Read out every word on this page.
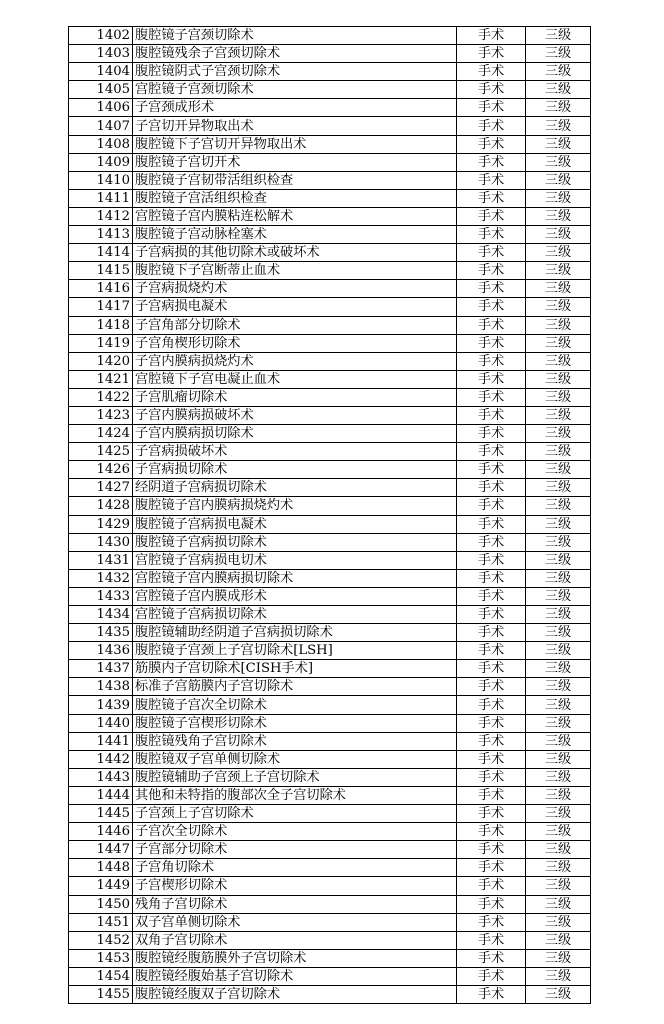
1402	腹腔镜子宫颈切除术	手术	三级
1403	腹腔镜残余子宫颈切除术	手术	三级
1404	腹腔镜阴式子宫颈切除术	手术	三级
1405	宫腔镜子宫颈切除术	手术	三级
1406	子宫颈成形术	手术	三级
1407	子宫切开异物取出术	手术	三级
1408	腹腔镜下子宫切开异物取出术	手术	三级
1409	腹腔镜子宫切开术	手术	三级
1410	腹腔镜子宫韧带活组织检查	手术	三级
1411	腹腔镜子宫活组织检查	手术	三级
1412	宫腔镜子宫内膜粘连松解术	手术	三级
1413	腹腔镜子宫动脉栓塞术	手术	三级
1414	子宫病损的其他切除术或破坏术	手术	三级
1415	腹腔镜下子宫断蒂止血术	手术	三级
1416	子宫病损烧灼术	手术	三级
1417	子宫病损电凝术	手术	三级
1418	子宫角部分切除术	手术	三级
1419	子宫角楔形切除术	手术	三级
1420	子宫内膜病损烧灼术	手术	三级
1421	宫腔镜下子宫电凝止血术	手术	三级
1422	子宫肌瘤切除术	手术	三级
1423	子宫内膜病损破坏术	手术	三级
1424	子宫内膜病损切除术	手术	三级
1425	子宫病损破坏术	手术	三级
1426	子宫病损切除术	手术	三级
1427	经阴道子宫病损切除术	手术	三级
1428	腹腔镜子宫内膜病损烧灼术	手术	三级
1429	腹腔镜子宫病损电凝术	手术	三级
1430	腹腔镜子宫病损切除术	手术	三级
1431	宫腔镜子宫病损电切术	手术	三级
1432	宫腔镜子宫内膜病损切除术	手术	三级
1433	宫腔镜子宫内膜成形术	手术	三级
1434	宫腔镜子宫病损切除术	手术	三级
1435	腹腔镜辅助经阴道子宫病损切除术	手术	三级
1436	腹腔镜子宫颈上子宫切除术[LSH]	手术	三级
1437	筋膜内子宫切除术[CISH手术]	手术	三级
1438	标准子宫筋膜内子宫切除术	手术	三级
1439	腹腔镜子宫次全切除术	手术	三级
1440	腹腔镜子宫楔形切除术	手术	三级
1441	腹腔镜残角子宫切除术	手术	三级
1442	腹腔镜双子宫单侧切除术	手术	三级
1443	腹腔镜辅助子宫颈上子宫切除术	手术	三级
1444	其他和未特指的腹部次全子宫切除术	手术	三级
1445	子宫颈上子宫切除术	手术	三级
1446	子宫次全切除术	手术	三级
1447	子宫部分切除术	手术	三级
1448	子宫角切除术	手术	三级
1449	子宫楔形切除术	手术	三级
1450	残角子宫切除术	手术	三级
1451	双子宫单侧切除术	手术	三级
1452	双角子宫切除术	手术	三级
1453	腹腔镜经腹筋膜外子宫切除术	手术	三级
1454	腹腔镜经腹始基子宫切除术	手术	三级
1455	腹腔镜经腹双子宫切除术	手术	三级
